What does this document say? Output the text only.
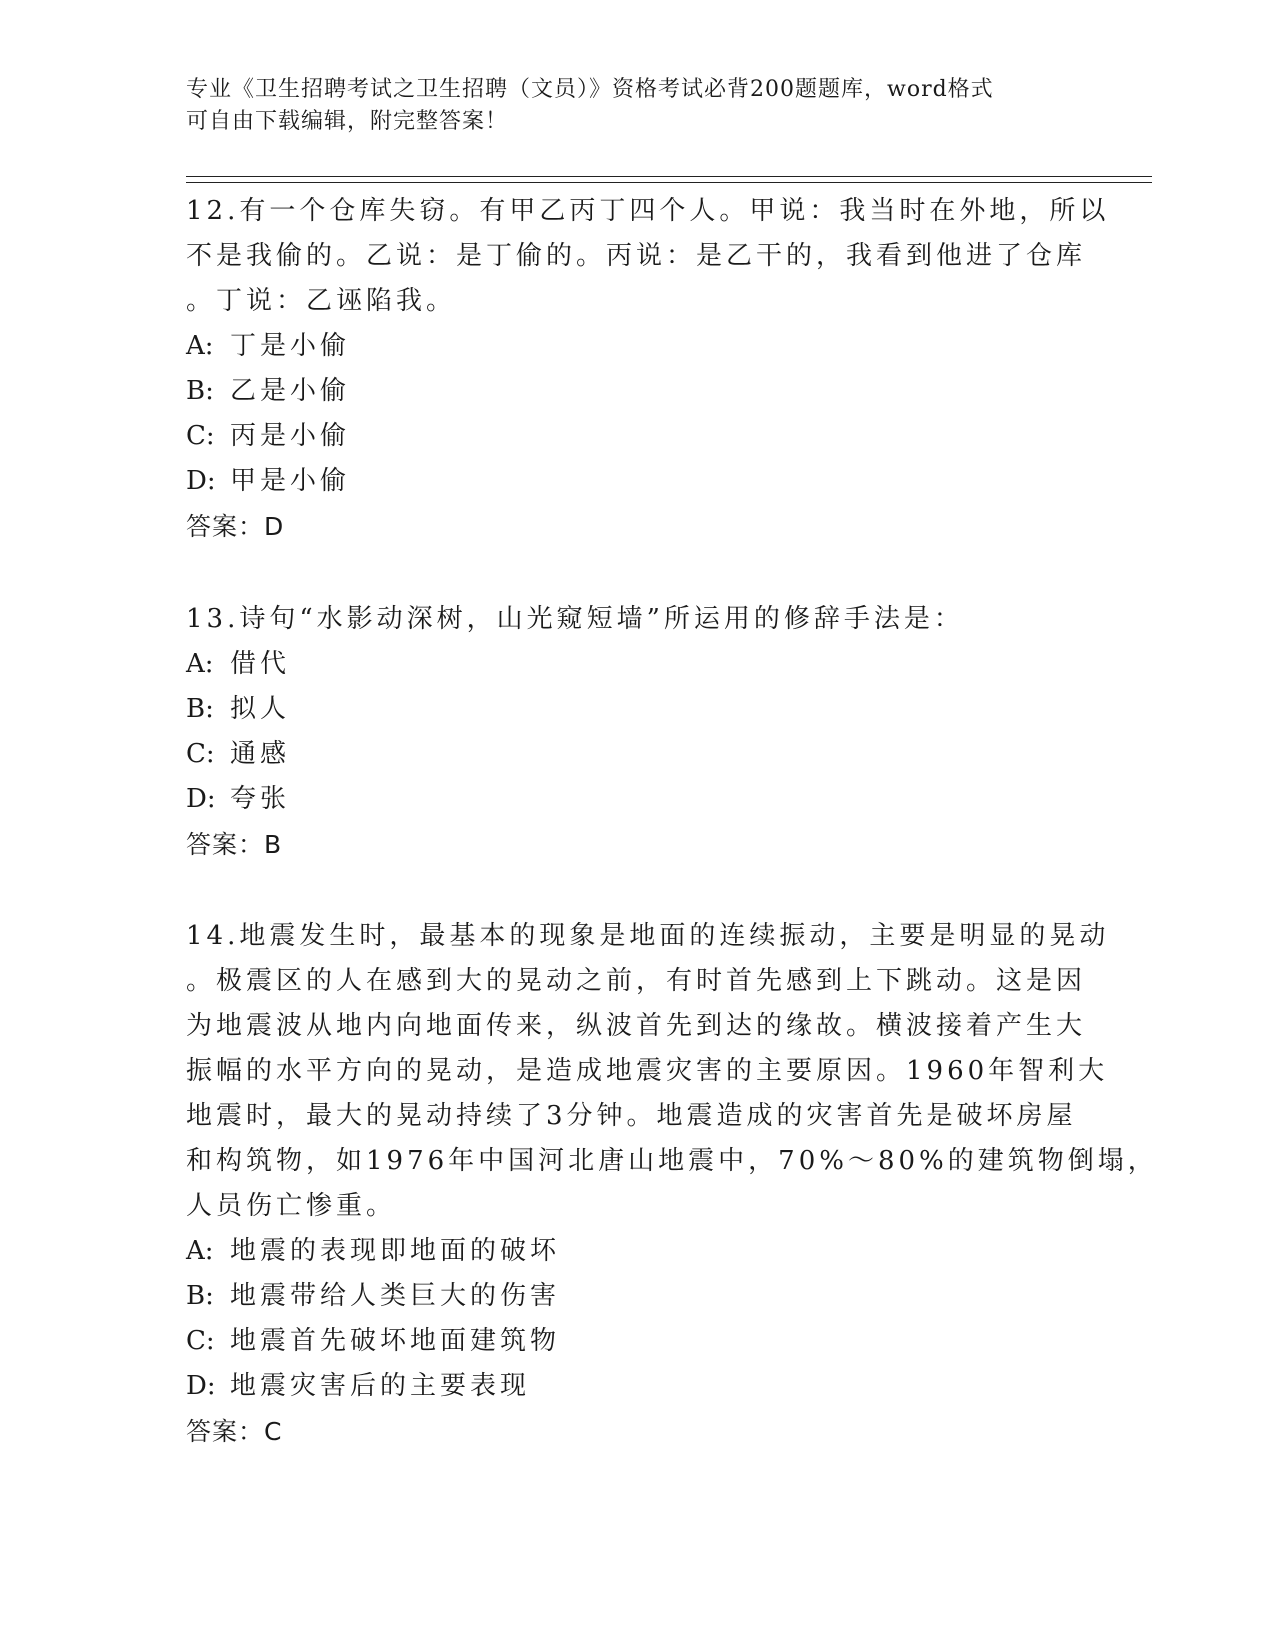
专业《卫生招聘考试之卫生招聘（文员）》资格考试必背200题题库，word格式
可自由下载编辑，附完整答案！
12.有一个仓库失窃。有甲乙丙丁四个人。甲说：我当时在外地，所以
不是我偷的。乙说：是丁偷的。丙说：是乙干的，我看到他进了仓库
。丁说：乙诬陷我。
A: 丁是小偷
B: 乙是小偷
C: 丙是小偷
D: 甲是小偷
答案：D
13.诗句“水影动深树，山光窥短墙”所运用的修辞手法是：
A: 借代
B: 拟人
C: 通感
D: 夸张
答案：B
14.地震发生时，最基本的现象是地面的连续振动，主要是明显的晃动
。极震区的人在感到大的晃动之前，有时首先感到上下跳动。这是因
为地震波从地内向地面传来，纵波首先到达的缘故。横波接着产生大
振幅的水平方向的晃动，是造成地震灾害的主要原因。1960年智利大
地震时，最大的晃动持续了3分钟。地震造成的灾害首先是破坏房屋
和构筑物，如1976年中国河北唐山地震中，70%～80%的建筑物倒塌，
人员伤亡惨重。
A: 地震的表现即地面的破坏
B: 地震带给人类巨大的伤害
C: 地震首先破坏地面建筑物
D: 地震灾害后的主要表现
答案：C
